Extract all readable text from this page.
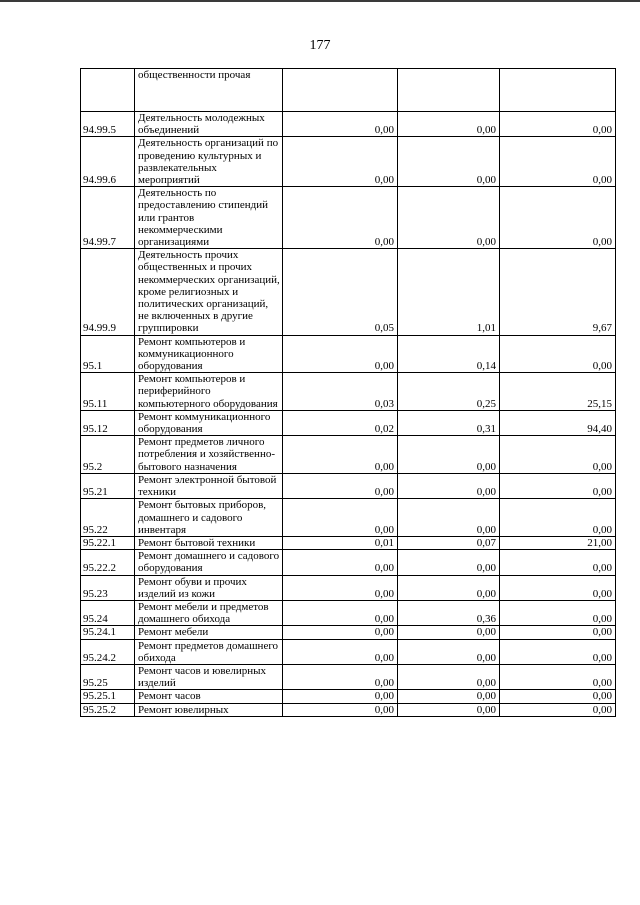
177
	общественности прочая			
94.99.5	Деятельность молодежных объединений	0,00	0,00	0,00
94.99.6	Деятельность организаций по проведению культурных и развлекательных мероприятий	0,00	0,00	0,00
94.99.7	Деятельность по предоставлению стипендий или грантов некоммерческими организациями	0,00	0,00	0,00
94.99.9	Деятельность прочих общественных и прочих некоммерческих организаций, кроме религиозных и политических организаций, не включенных в другие группировки	0,05	1,01	9,67
95.1	Ремонт компьютеров и коммуникационного оборудования	0,00	0,14	0,00
95.11	Ремонт компьютеров и периферийного компьютерного оборудования	0,03	0,25	25,15
95.12	Ремонт коммуникационного оборудования	0,02	0,31	94,40
95.2	Ремонт предметов личного потребления и хозяйственно-бытового назначения	0,00	0,00	0,00
95.21	Ремонт электронной бытовой техники	0,00	0,00	0,00
95.22	Ремонт бытовых приборов, домашнего и садового инвентаря	0,00	0,00	0,00
95.22.1	Ремонт бытовой техники	0,01	0,07	21,00
95.22.2	Ремонт домашнего и садового оборудования	0,00	0,00	0,00
95.23	Ремонт обуви и прочих изделий из кожи	0,00	0,00	0,00
95.24	Ремонт мебели и предметов домашнего обихода	0,00	0,36	0,00
95.24.1	Ремонт мебели	0,00	0,00	0,00
95.24.2	Ремонт предметов домашнего обихода	0,00	0,00	0,00
95.25	Ремонт часов и ювелирных изделий	0,00	0,00	0,00
95.25.1	Ремонт часов	0,00	0,00	0,00
95.25.2	Ремонт ювелирных	0,00	0,00	0,00
